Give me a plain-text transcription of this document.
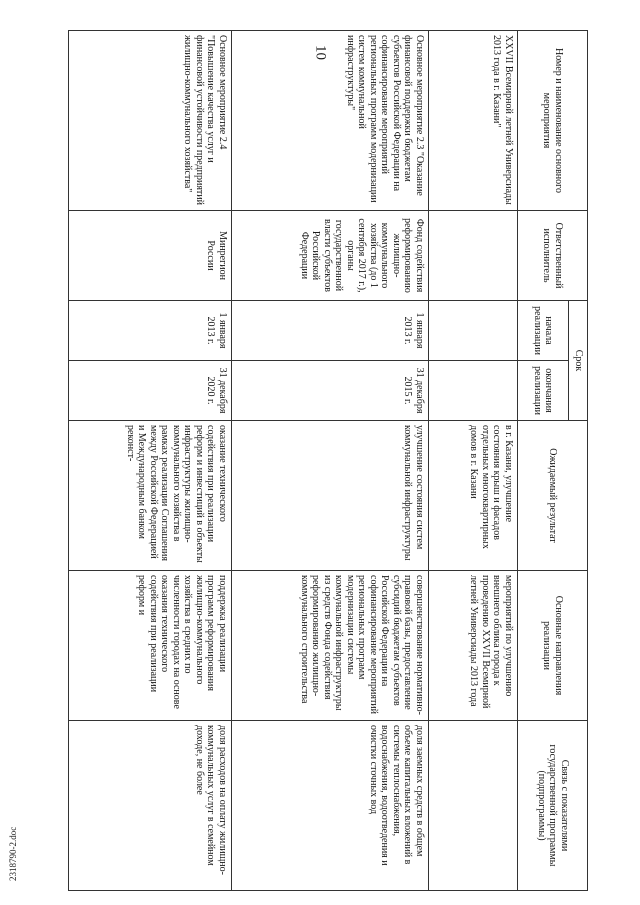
10
2318790-2.doc
Номер и наименование основного мероприятия	Ответственный исполнитель	Срок		Ожидаемый результат	Основные направления реализации	Связь с показателями государственной программы (подпрограммы)
		начала реализации	окончания реализации			
XXVII Всемирной летней Универсиады 2013 года в г. Казани"				в г. Казани, улучшение состояния крыш и фасадов отдельных многоквартирных домов в г. Казани	мероприятий по улучшению внешнего облика города к проведению XXVII Всемирной летней Универсиады 2013 года	
Основное мероприятие 2.3 "Оказание финансовой поддержки бюджетам субъектов Российской Федерации на софинансирование мероприятий региональных программ модернизации систем коммунальной инфраструктуры"	Фонд содействия реформированию жилищно-коммунального хозяйства (до 1 сентября 2017 г.), органы государственной власти субъектов Российской Федерации	1 января 2013 г.	31 декабря 2015 г.	улучшение состояния систем коммунальной инфраструктуры	совершенствование нормативно-правовой базы, предоставление субсидий бюджетам субъектов Российской Федерации на софинансирование мероприятий региональных программ модернизации системы коммунальной инфраструктуры из средств Фонда содействия реформированию жилищно-коммунального строительства	доля заемных средств в общем объеме капитальных вложений в системы теплоснабжения, водоснабжения, водоотведения и очистки сточных вод
Основное мероприятие 2.4 "Повышение качества услуг и финансовой устойчивости предприятий жилищно-коммунального хозяйства"	Минрегион России	1 января 2013 г.	31 декабря 2020 г.	оказание технического содействия при реализации реформ и инвестиций в объекты инфраструктуры жилищно-коммунального хозяйства в рамках реализации Соглашения между Российской Федерацией и Международным банком реконст-	поддержка реализации программ реформирования жилищно-коммунального хозяйства в средних по численности городах на основе оказания технического содействия при реализации реформ и	доля расходов на оплату жилищно-коммунальных услуг в семейном доходе, не более
